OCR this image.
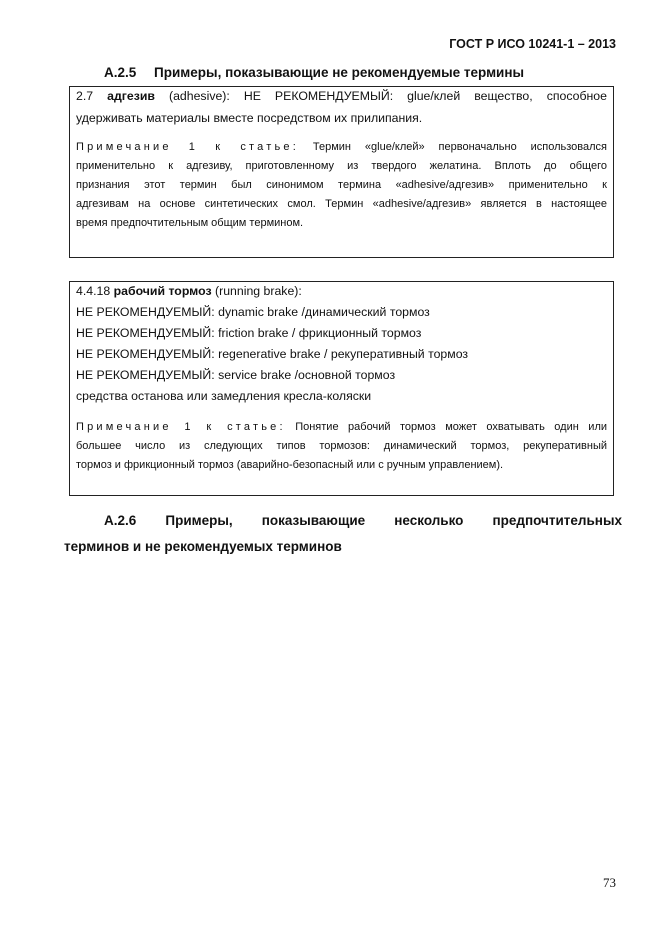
ГОСТ Р ИСО 10241-1 – 2013
А.2.5 Примеры, показывающие не рекомендуемые термины
2.7 адгезив (adhesive): НЕ РЕКОМЕНДУЕМЫЙ: glue/клей вещество, способное
удерживать материалы вместе посредством их прилипания.
Примечание 1 к статье: Термин «glue/клей» первоначально использовался
применительно к адгезиву, приготовленному из твердого желатина. Вплоть до общего
признания этот термин был синонимом термина «adhesive/адгезив» применительно к
адгезивам на основе синтетических смол. Термин «adhesive/адгезив» является в настоящее
время предпочтительным общим термином.
4.4.18 рабочий тормоз (running brake):
НЕ РЕКОМЕНДУЕМЫЙ: dynamic brake /динамический тормоз
НЕ РЕКОМЕНДУЕМЫЙ: friction brake / фрикционный тормоз
НЕ РЕКОМЕНДУЕМЫЙ: regenerative brake / рекуперативный тормоз
НЕ РЕКОМЕНДУЕМЫЙ: service brake /основной тормоз
средства останова или замедления кресла-коляски
Примечание 1 к статье: Понятие рабочий тормоз может охватывать один или
большее число из следующих типов тормозов: динамический тормоз, рекуперативный
тормоз и фрикционный тормоз (аварийно-безопасный или с ручным управлением).
А.2.6 Примеры, показывающие несколько предпочтительных
терминов и не рекомендуемых терминов
73
